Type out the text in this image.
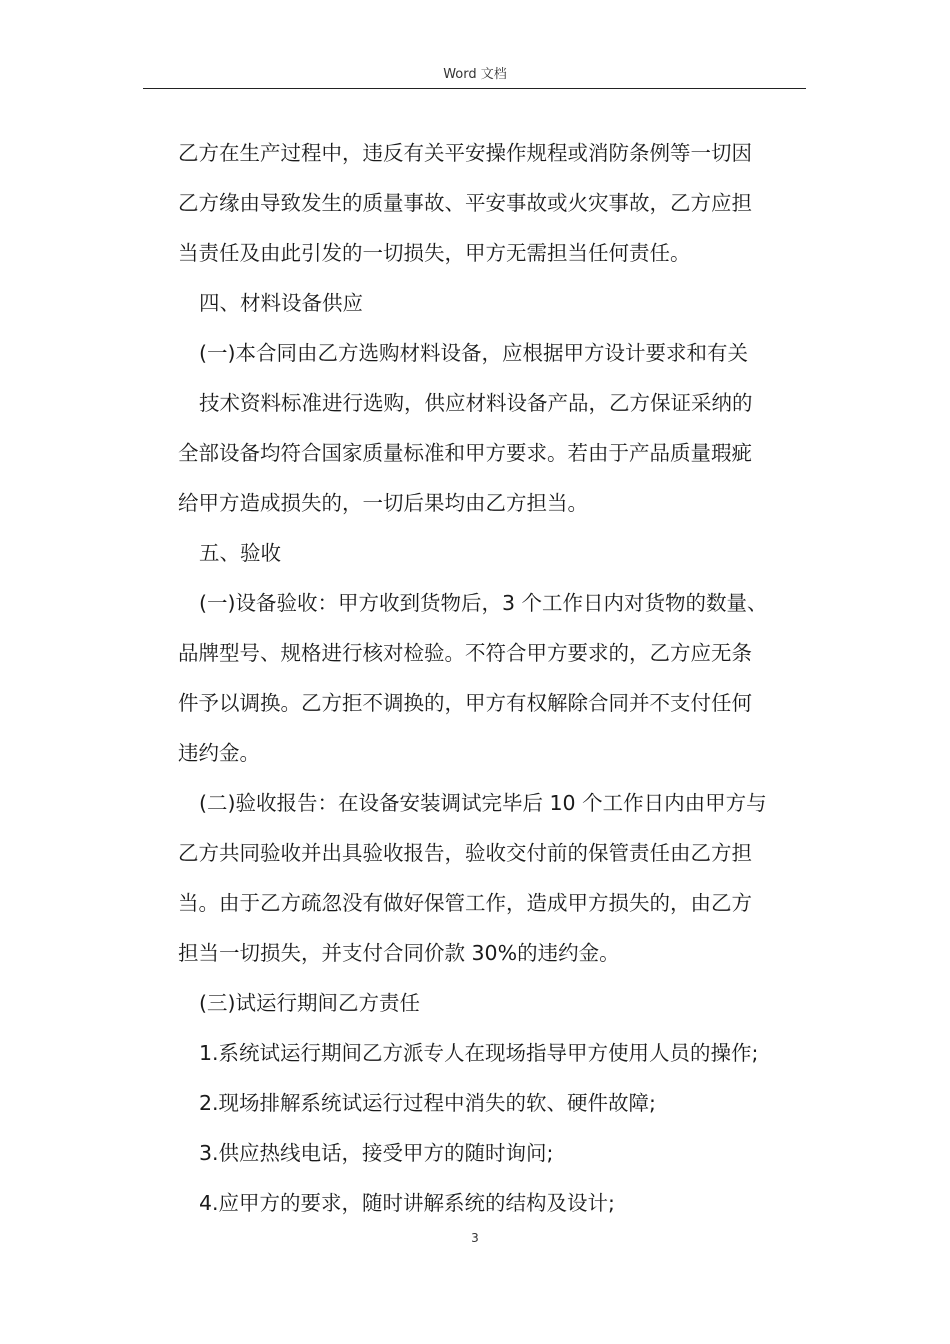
Word 文档
乙方在生产过程中，违反有关平安操作规程或消防条例等一切因
乙方缘由导致发生的质量事故、平安事故或火灾事故，乙方应担
当责任及由此引发的一切损失，甲方无需担当任何责任。
四、材料设备供应
(一)本合同由乙方选购材料设备，应根据甲方设计要求和有关
技术资料标准进行选购，供应材料设备产品，乙方保证采纳的
全部设备均符合国家质量标准和甲方要求。若由于产品质量瑕疵
给甲方造成损失的，一切后果均由乙方担当。
五、验收
(一)设备验收：甲方收到货物后，3 个工作日内对货物的数量、
品牌型号、规格进行核对检验。不符合甲方要求的，乙方应无条
件予以调换。乙方拒不调换的，甲方有权解除合同并不支付任何
违约金。
(二)验收报告：在设备安装调试完毕后 10 个工作日内由甲方与
乙方共同验收并出具验收报告，验收交付前的保管责任由乙方担
当。由于乙方疏忽没有做好保管工作，造成甲方损失的，由乙方
担当一切损失，并支付合同价款 30%的违约金。
(三)试运行期间乙方责任
1.系统试运行期间乙方派专人在现场指导甲方使用人员的操作;
2.现场排解系统试运行过程中消失的软、硬件故障;
3.供应热线电话，接受甲方的随时询问;
4.应甲方的要求，随时讲解系统的结构及设计;
3
